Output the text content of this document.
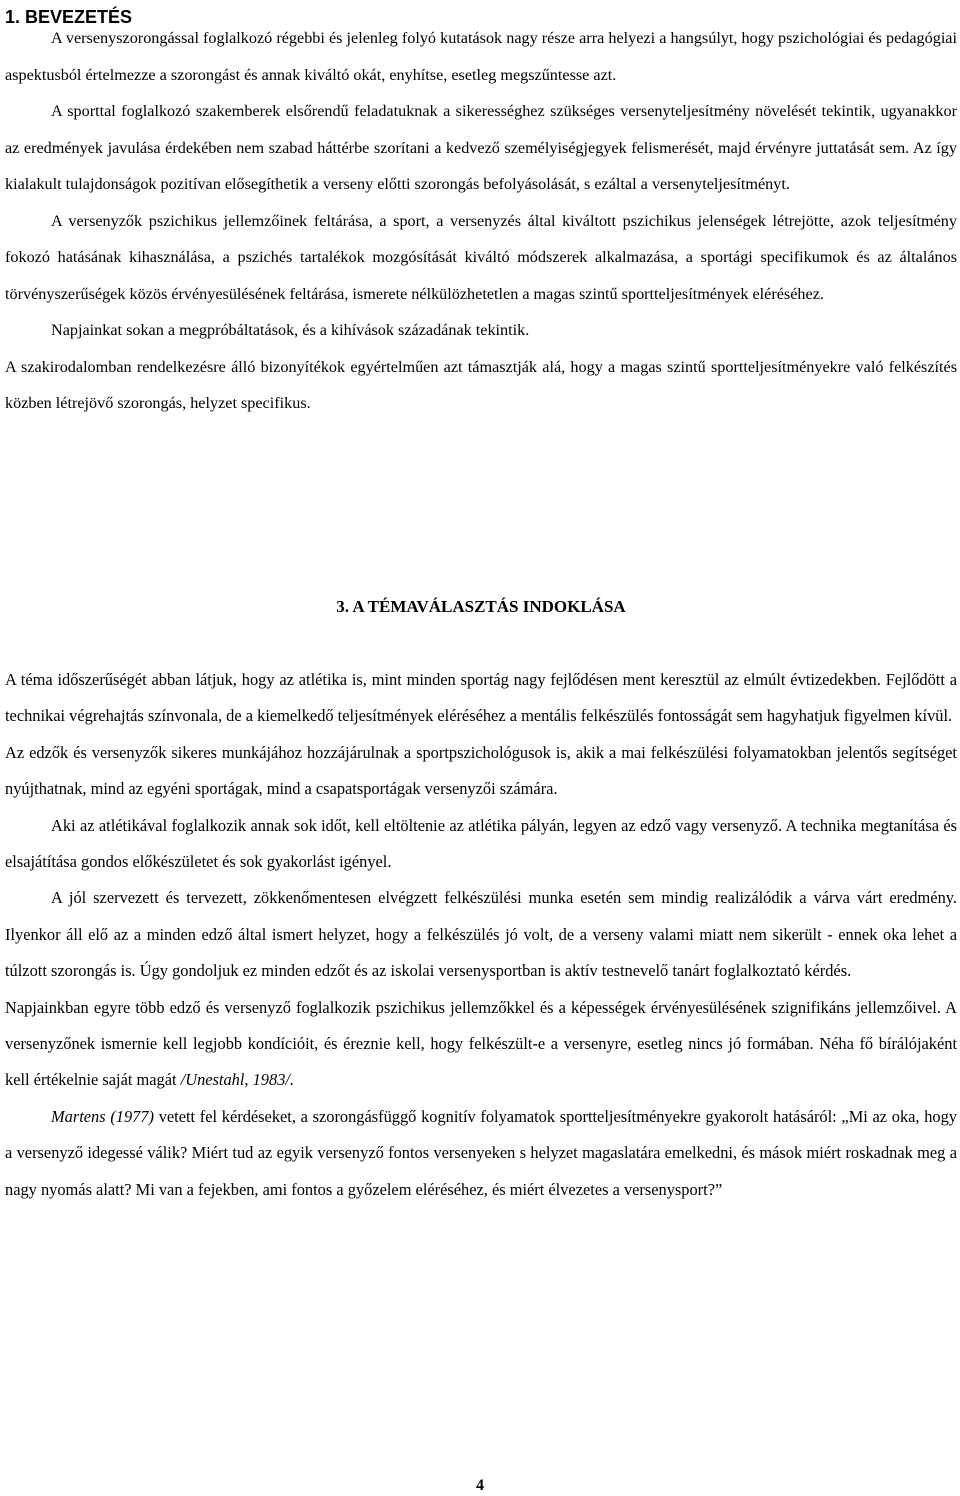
1. BEVEZETÉS

A versenyszorongással foglalkozó régebbi és jelenleg folyó kutatások nagy része arra helyezi a hangsúlyt, hogy pszichológiai és pedagógiai aspektusból értelmezze a szorongást és annak kiváltó okát, enyhítse, esetleg megszűntesse azt.

A sporttal foglalkozó szakemberek elsőrendű feladatuknak a sikerességhez szükséges versenyteljesítmény növelését tekintik, ugyanakkor az eredmények javulása érdekében nem szabad háttérbe szorítani a kedvező személyiségjegyek felismerését, majd érvényre juttatását sem. Az így kialakult tulajdonságok pozitívan elősegíthetik a verseny előtti szorongás befolyásolását, s ezáltal a versenyteljesítményt.

A versenyzők pszichikus jellemzőinek feltárása, a sport, a versenyzés által kiváltott pszichikus jelenségek létrejötte, azok teljesítmény fokozó hatásának kihasználása, a pszichés tartalékok mozgósítását kiváltó módszerek alkalmazása, a sportági specifikumok és az általános törvényszerűségek közös érvényesülésének feltárása, ismerete nélkülözhetetlen a magas szintű sportteljesítmények eléréséhez.

Napjainkat sokan a megpróbáltatások, és a kihívások századának tekintik.

A szakirodalomban rendelkezésre álló bizonyítékok egyértelműen azt támasztják alá, hogy a magas szintű sportteljesítményekre való felkészítés közben létrejövő szorongás, helyzet specifikus.

3. A TÉMAVÁLASZTÁS INDOKLÁSA

A téma időszerűségét abban látjuk, hogy az atlétika is, mint minden sportág nagy fejlődésen ment keresztül az elmúlt évtizedekben. Fejlődött a technikai végrehajtás színvonala, de a kiemelkedő teljesítmények eléréséhez a mentális felkészülés fontosságát sem hagyhatjuk figyelmen kívül.

Az edzők és versenyzők sikeres munkájához hozzájárulnak a sportpszichológusok is, akik a mai felkészülési folyamatokban jelentős segítséget nyújthatnak, mind az egyéni sportágak, mind a csapatsportágak versenyzői számára.

Aki az atlétikával foglalkozik annak sok időt, kell eltöltenie az atlétika pályán, legyen az edző vagy versenyző. A technika megtanítása és elsajátítása gondos előkészületet és sok gyakorlást igényel.

A jól szervezett és tervezett, zökkenőmentesen elvégzett felkészülési munka esetén sem mindig realizálódik a várva várt eredmény. Ilyenkor áll elő az a minden edző által ismert helyzet, hogy a felkészülés jó volt, de a verseny valami miatt nem sikerült - ennek oka lehet a túlzott szorongás is. Úgy gondoljuk ez minden edzőt és az iskolai versenysportban is aktív testnevelő tanárt foglalkoztató kérdés.

Napjainkban egyre több edző és versenyző foglalkozik pszichikus jellemzőkkel és a képességek érvényesülésének szignifikáns jellemzőivel. A versenyzőnek ismernie kell legjobb kondícióit, és éreznie kell, hogy felkészült-e a versenyre, esetleg nincs jó formában. Néha fő bírálójaként kell értékelnie saját magát /Unestahl, 1983/.

Martens (1977) vetett fel kérdéseket, a szorongásfüggő kognitív folyamatok sportteljesítményekre gyakorolt hatásáról: „Mi az oka, hogy a versenyző idegessé válik? Miért tud az egyik versenyző fontos versenyeken s helyzet magaslatára emelkedni, és mások miért roskadnak meg a nagy nyomás alatt? Mi van a fejekben, ami fontos a győzelem eléréséhez, és miért élvezetes a versenysport?”

4
